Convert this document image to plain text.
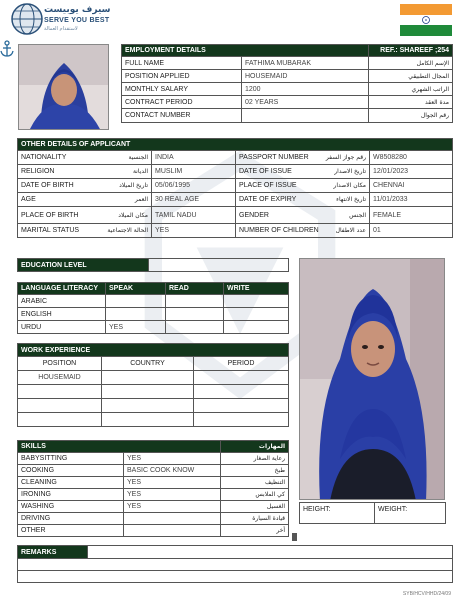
سيرف يوبيست
SERVE YOU BEST
لاستقدام العمالة
EMPLOYMENT DETAILS		REF.: SHAREEF ;254
FULL NAME	FATHIMA MUBARAK	الإسم الكامل
POSITION APPLIED	HOUSEMAID	المجال التطبيقي
MONTHLY SALARY	1200	الراتب الشهري
CONTRACT PERIOD	02 YEARS	مدة العقد
CONTACT NUMBER		رقم الجوال
OTHER DETAILS OF APPLICANT			

NATIONALITY الجنسية	INDIA	PASSPORT NUMBER رقم جواز السفر	W8508280

RELIGION الديانة	MUSLIM	DATE OF ISSUE تاريخ الاصدار	12/01/2023

DATE OF BIRTH تاريخ الميلاد	05/06/1995	PLACE OF ISSUE مكان الاصدار	CHENNAI

AGE العمر	30 REAL AGE	DATE OF EXPIRY تاريخ الانتهاء	11/01/2033

PLACE OF BIRTH مكان الميلاد	TAMIL NADU	GENDER الجنس	FEMALE

MARITAL STATUS الحالة الاجتماعية	YES	NUMBER OF CHILDREN عدد الاطفال	01
EDUCATION LEVEL	
LANGUAGE LITERACY	SPEAK	READ	WRITE
ARABIC			
ENGLISH			
URDU	YES		
WORK EXPERIENCE		
POSITION	COUNTRY	PERIOD
HOUSEMAID		

SKILLS		المهارات
BABYSITTING	YES	رعاية الصغار
COOKING	BASIC COOK KNOW	طبخ
CLEANING	YES	التنظيف
IRONING	YES	كي الملابس
WASHING	YES	الغسيل
DRIVING		قيادة السيارة
OTHER		أخر
HEIGHT:	WEIGHT:
REMARKS	

SYB/HCV/HHD/24/09
